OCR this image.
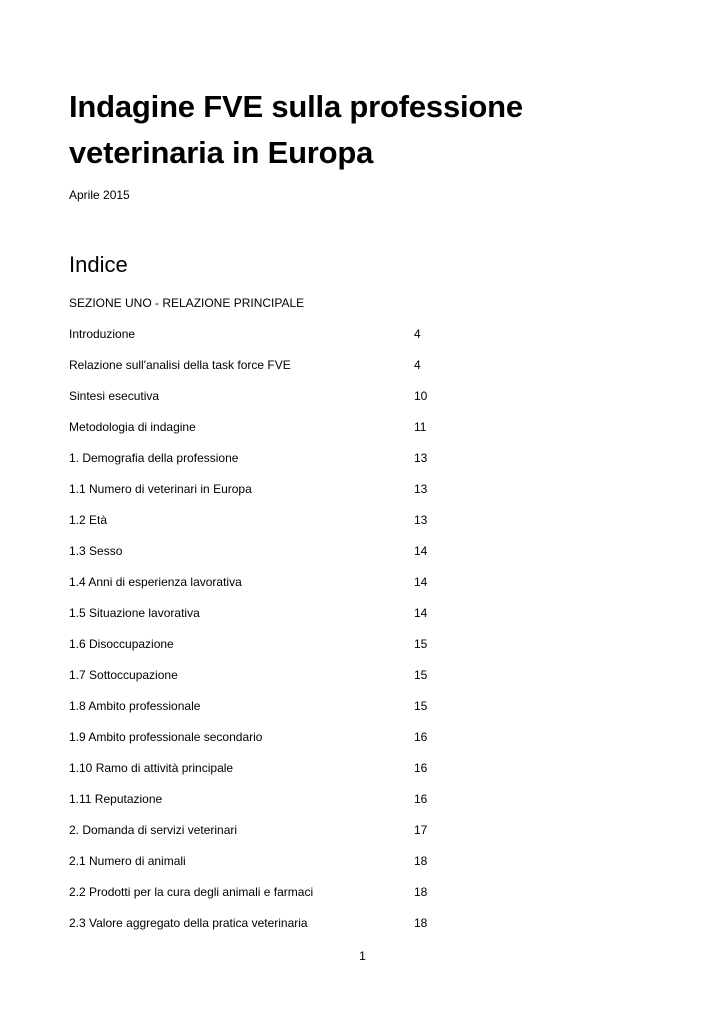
Indagine FVE sulla professione veterinaria in Europa
Aprile 2015
Indice
SEZIONE UNO - RELAZIONE PRINCIPALE
Introduzione	4
Relazione sull'analisi della task force FVE	4
Sintesi esecutiva	10
Metodologia di indagine	11
1. Demografia della professione	13
1.1 Numero di veterinari in Europa	13
1.2 Età	13
1.3 Sesso	14
1.4 Anni di esperienza lavorativa	14
1.5 Situazione lavorativa	14
1.6 Disoccupazione	15
1.7 Sottoccupazione	15
1.8 Ambito professionale	15
1.9 Ambito professionale secondario	16
1.10 Ramo di attività principale	16
1.11 Reputazione	16
2. Domanda di servizi veterinari	17
2.1 Numero di animali	18
2.2 Prodotti per la cura degli animali e farmaci	18
2.3 Valore aggregato della pratica veterinaria	18
1
